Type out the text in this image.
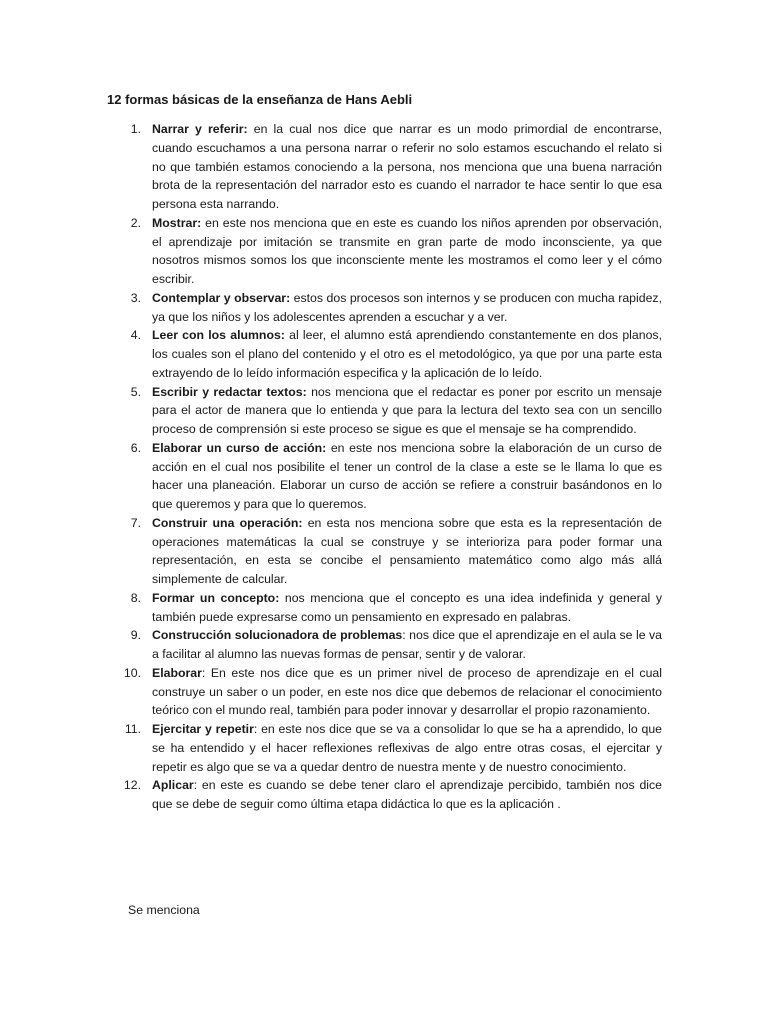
12 formas básicas de la enseñanza de Hans Aebli
1. Narrar y referir: en la cual nos dice que narrar es un modo primordial de encontrarse, cuando escuchamos a una persona narrar o referir no solo estamos escuchando el relato si no que también estamos conociendo a la persona, nos menciona que una buena narración brota de la representación del narrador esto es cuando el narrador te hace sentir lo que esa persona esta narrando.
2. Mostrar: en este nos menciona que en este es cuando los niños aprenden por observación, el aprendizaje por imitación se transmite en gran parte de modo inconsciente, ya que nosotros mismos somos los que inconsciente mente les mostramos el como leer y el cómo escribir.
3. Contemplar y observar: estos dos procesos son internos y se producen con mucha rapidez, ya que los niños y los adolescentes aprenden a escuchar y a ver.
4. Leer con los alumnos: al leer, el alumno está aprendiendo constantemente en dos planos, los cuales son el plano del contenido y el otro es el metodológico, ya que por una parte esta extrayendo de lo leído información especifica y la aplicación de lo leído.
5. Escribir y redactar textos: nos menciona que el redactar es poner por escrito un mensaje para el actor de manera que lo entienda y que para la lectura del texto sea con un sencillo proceso de comprensión si este proceso se sigue es que el mensaje se ha comprendido.
6. Elaborar un curso de acción: en este nos menciona sobre la elaboración de un curso de acción en el cual nos posibilite el tener un control de la clase a este se le llama lo que es hacer una planeación. Elaborar un curso de acción se refiere a construir basándonos en lo que queremos y para que lo queremos.
7. Construir una operación: en esta nos menciona sobre que esta es la representación de operaciones matemáticas la cual se construye y se interioriza para poder formar una representación, en esta se concibe el pensamiento matemático como algo más allá simplemente de calcular.
8. Formar un concepto: nos menciona que el concepto es una idea indefinida y general y también puede expresarse como un pensamiento en expresado en palabras.
9. Construcción solucionadora de problemas: nos dice que el aprendizaje en el aula se le va a facilitar al alumno las nuevas formas de pensar, sentir y de valorar.
10. Elaborar: En este nos dice que es un primer nivel de proceso de aprendizaje en el cual construye un saber o un poder, en este nos dice que debemos de relacionar el conocimiento teórico con el mundo real, también para poder innovar y desarrollar el propio razonamiento.
11. Ejercitar y repetir: en este nos dice que se va a consolidar lo que se ha a aprendido, lo que se ha entendido y el hacer reflexiones reflexivas de algo entre otras cosas, el ejercitar y repetir es algo que se va a quedar dentro de nuestra mente y de nuestro conocimiento.
12. Aplicar: en este es cuando se debe tener claro el aprendizaje percibido, también nos dice que se debe de seguir como última etapa didáctica lo que es la aplicación .

Se menciona
